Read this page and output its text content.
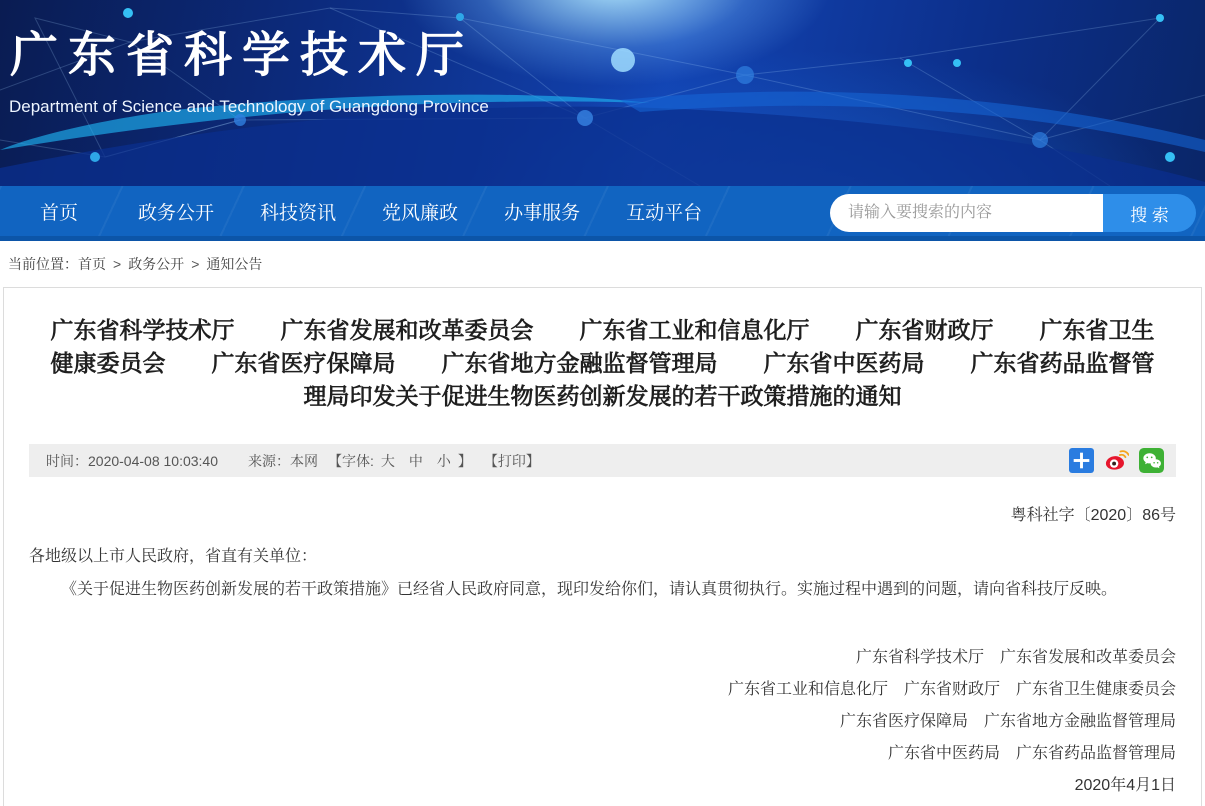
广东省科学技术厅
Department of Science and Technology of Guangdong Province
首页	政务公开 科技资讯 党风廉政 办事服务 互动平台
请输入要搜索的内容	搜 索
当前位置： 首页 > 政务公开 > 通知公告
广东省科学技术厅　　广东省发展和改革委员会　　广东省工业和信息化厅　　广东省财政厅　　广东省卫生
健康委员会　　广东省医疗保障局　　广东省地方金融监督管理局　　广东省中医药局　　广东省药品监督管
理局印发关于促进生物医药创新发展的若干政策措施的通知
时间：2020-04-08 10:03:40 来源：本网 【字体: 大 中 小 】 【打印】
粤科社字〔2020〕86号
各地级以上市人民政府，省直有关单位：
《关于促进生物医药创新发展的若干政策措施》已经省人民政府同意，现印发给你们，请认真贯彻执行。实施过程中遇到的问题，请向省科技厅反映。
广东省科学技术厅　广东省发展和改革委员会
广东省工业和信息化厅　广东省财政厅　广东省卫生健康委员会
广东省医疗保障局　广东省地方金融监督管理局
广东省中医药局　广东省药品监督管理局
2020年4月1日
